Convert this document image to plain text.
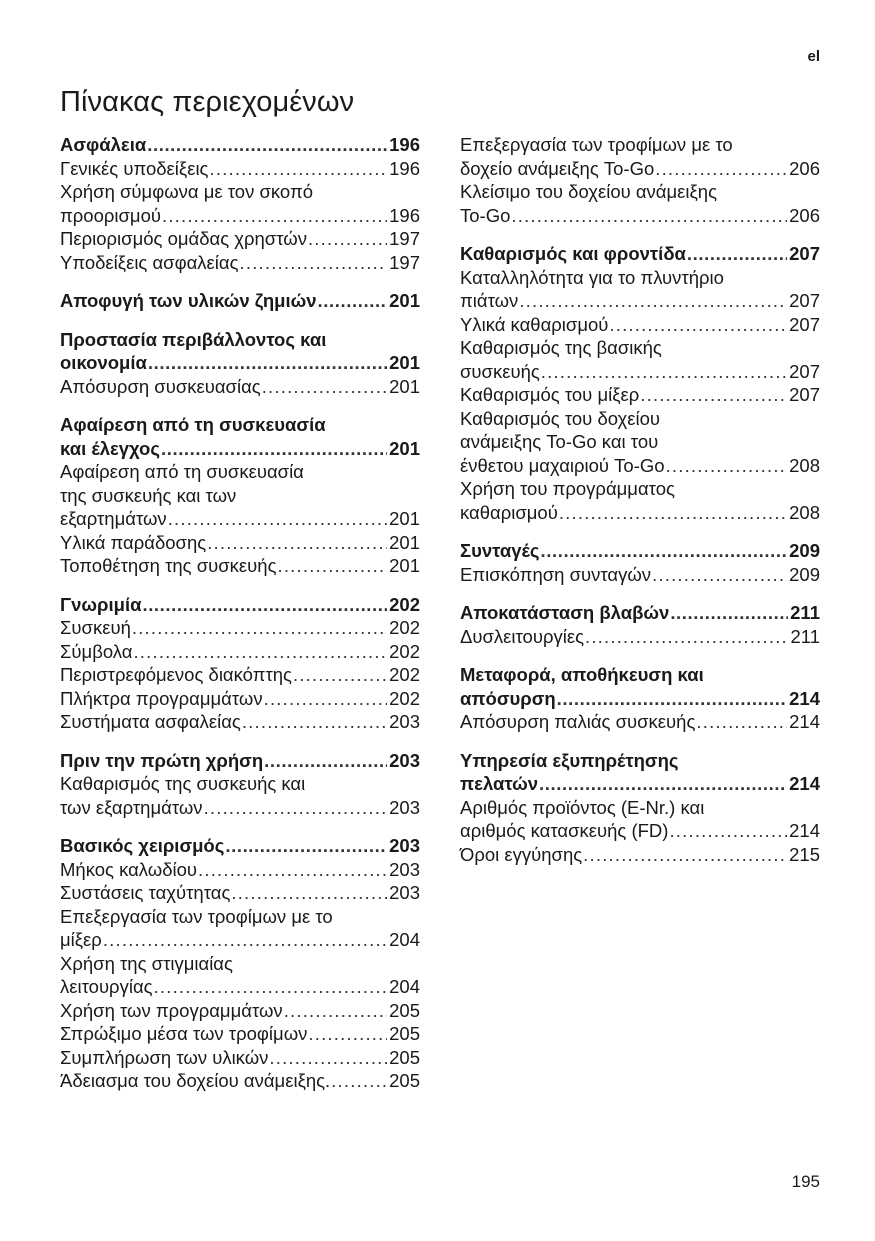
el
Πίνακας περιεχομένων
Ασφάλεια .....	196
Γενικές υποδείξεις .....	196
Χρήση σύμφωνα με τον σκοπό
προορισμού .....	196
Περιορισμός ομάδας χρηστών .....	197
Υποδείξεις ασφαλείας .....	197
Αποφυγή των υλικών ζημιών .....	201
Προστασία περιβάλλοντος και
οικονομία .....	201
Απόσυρση συσκευασίας .....	201
Αφαίρεση από τη συσκευασία
και έλεγχος .....	201
Αφαίρεση από τη συσκευασία
της συσκευής και των
εξαρτημάτων .....	201
Υλικά παράδοσης .....	201
Τοποθέτηση της συσκευής .....	201
Γνωριμία .....	202
Συσκευή .....	202
Σύμβολα .....	202
Περιστρεφόμενος διακόπτης .....	202
Πλήκτρα προγραμμάτων .....	202
Συστήματα ασφαλείας .....	203
Πριν την πρώτη χρήση .....	203
Καθαρισμός της συσκευής και
των εξαρτημάτων .....	203
Βασικός χειρισμός .....	203
Μήκος καλωδίου .....	203
Συστάσεις ταχύτητας .....	203
Επεξεργασία των τροφίμων με το
μίξερ .....	204
Χρήση της στιγμιαίας
λειτουργίας .....	204
Χρήση των προγραμμάτων .....	205
Σπρώξιμο μέσα των τροφίμων .....	205
Συμπλήρωση των υλικών .....	205
Άδειασμα του δοχείου ανάμειξης. .....	205
Επεξεργασία των τροφίμων με το
δοχείο ανάμειξης To-Go .....	206
Κλείσιμο του δοχείου ανάμειξης
To-Go .....	206
Καθαρισμός και φροντίδα .....	207
Καταλληλότητα για το πλυντήριο
πιάτων .....	207
Υλικά καθαρισμού .....	207
Καθαρισμός της βασικής
συσκευής .....	207
Καθαρισμός του μίξερ .....	207
Καθαρισμός του δοχείου
ανάμειξης To-Go και του
ένθετου μαχαιριού To-Go .....	208
Χρήση του προγράμματος
καθαρισμού .....	208
Συνταγές .....	209
Επισκόπηση συνταγών .....	209
Αποκατάσταση βλαβών .....	211
Δυσλειτουργίες .....	211
Μεταφορά, αποθήκευση και
απόσυρση .....	214
Απόσυρση παλιάς συσκευής .....	214
Υπηρεσία εξυπηρέτησης
πελατών .....	214
Αριθμός προϊόντος (E-Nr.) και
αριθμός κατασκευής (FD) .....	214
Όροι εγγύησης .....	215
195
